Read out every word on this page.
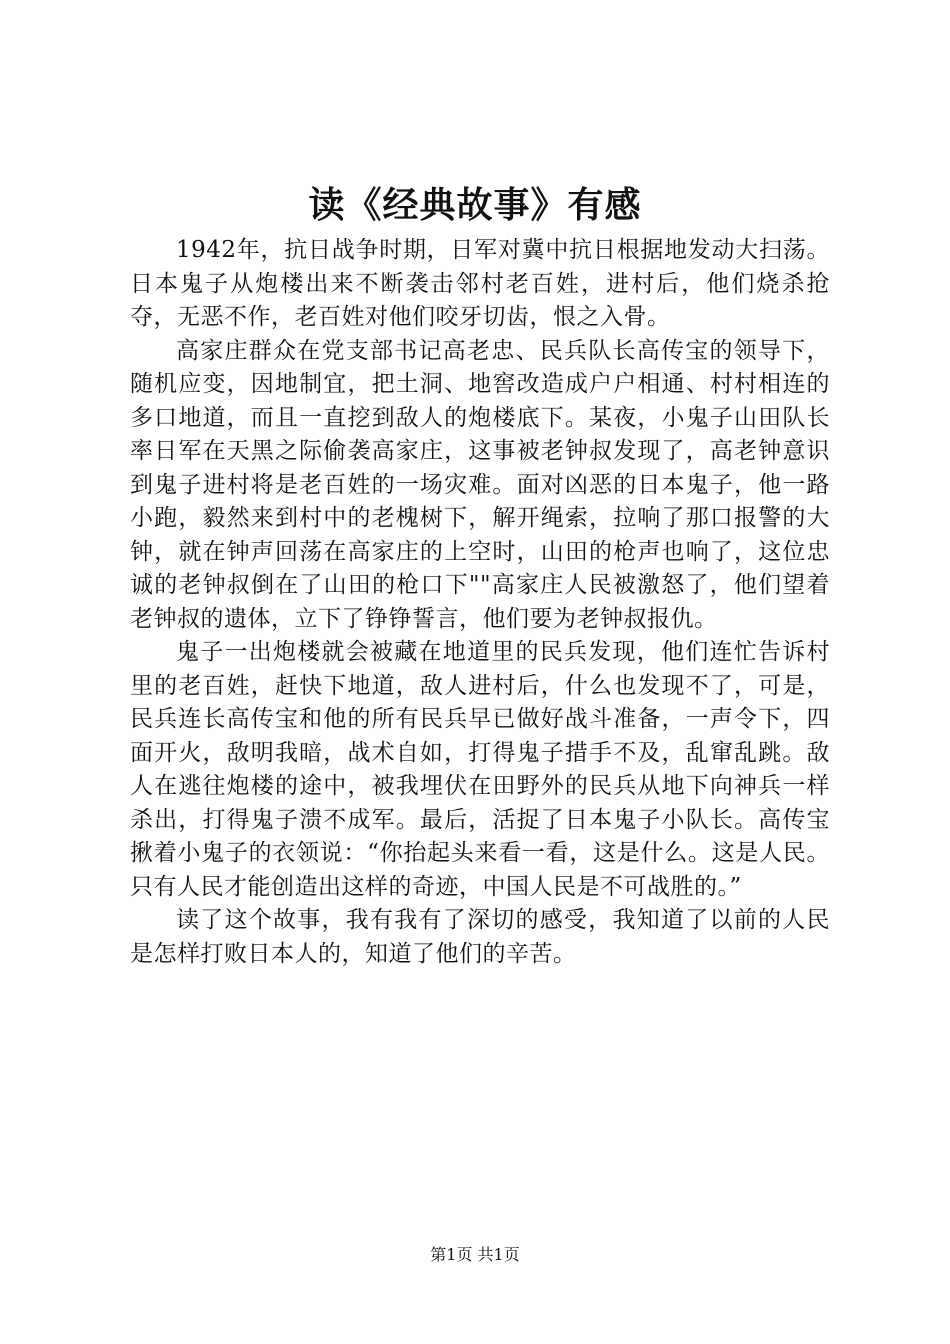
读《经典故事》有感

1942年，抗日战争时期，日军对冀中抗日根据地发动大扫荡。日本鬼子从炮楼出来不断袭击邻村老百姓，进村后，他们烧杀抢夺，无恶不作，老百姓对他们咬牙切齿，恨之入骨。

高家庄群众在党支部书记高老忠、民兵队长高传宝的领导下，随机应变，因地制宜，把土洞、地窖改造成户户相通、村村相连的多口地道，而且一直挖到敌人的炮楼底下。某夜，小鬼子山田队长率日军在天黑之际偷袭高家庄，这事被老钟叔发现了，高老钟意识到鬼子进村将是老百姓的一场灾难。面对凶恶的日本鬼子，他一路小跑，毅然来到村中的老槐树下，解开绳索，拉响了那口报警的大钟，就在钟声回荡在高家庄的上空时，山田的枪声也响了，这位忠诚的老钟叔倒在了山田的枪口下""高家庄人民被激怒了，他们望着老钟叔的遗体，立下了铮铮誓言，他们要为老钟叔报仇。

鬼子一出炮楼就会被藏在地道里的民兵发现，他们连忙告诉村里的老百姓，赶快下地道，敌人进村后，什么也发现不了，可是，民兵连长高传宝和他的所有民兵早已做好战斗准备，一声令下，四面开火，敌明我暗，战术自如，打得鬼子措手不及，乱窜乱跳。敌人在逃往炮楼的途中，被我埋伏在田野外的民兵从地下向神兵一样杀出，打得鬼子溃不成军。最后，活捉了日本鬼子小队长。高传宝揪着小鬼子的衣领说：“你抬起头来看一看，这是什么。这是人民。只有人民才能创造出这样的奇迹，中国人民是不可战胜的。”

读了这个故事，我有我有了深切的感受，我知道了以前的人民是怎样打败日本人的，知道了他们的辛苦。

第1页 共1页
